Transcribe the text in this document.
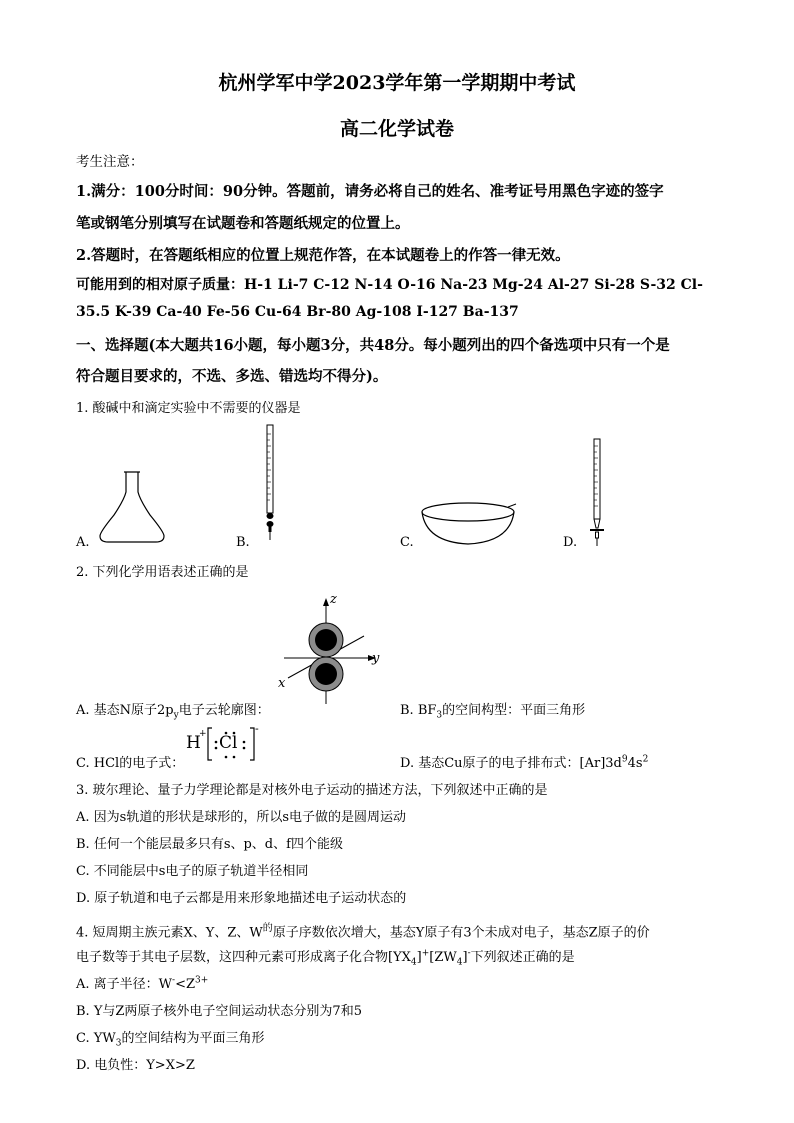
杭州学军中学2023学年第一学期期中考试
高二化学试卷
考生注意：
1.满分：100分时间：90分钟。答题前，请务必将自己的姓名、准考证号用黑色字迹的签字
笔或钢笔分别填写在试题卷和答题纸规定的位置上。
2.答题时，在答题纸相应的位置上规范作答，在本试题卷上的作答一律无效。
可能用到的相对原子质量：H-1 Li-7 C-12 N-14 O-16 Na-23 Mg-24 Al-27 Si-28 S-32 Cl-
35.5 K-39 Ca-40 Fe-56 Cu-64 Br-80 Ag-108 I-127 Ba-137
一、选择题(本大题共16小题，每小题3分，共48分。每小题列出的四个备选项中只有一个是
符合题目要求的，不选、多选、错选均不得分)。
1. 酸碱中和滴定实验中不需要的仪器是
A.	B.	C.	D.
2. 下列化学用语表述正确的是
z
y
x
A. 基态N原子$2p_y$电子云轮廓图：	B. $BF_3$的空间构型：平面三角形
C. HCl的电子式：
H
+ Cl
-
D. 基态Cu原子的电子排布式：$[Ar]3d^94s^2$
3. 玻尔理论、量子力学理论都是对核外电子运动的描述方法，下列叙述中正确的是
A. 因为s轨道的形状是球形的，所以s电子做的是圆周运动
B. 任何一个能层最多只有s、p、d、f四个能级
C. 不同能层中s电子的原子轨道半径相同
D. 原子轨道和电子云都是用来形象地描述电子运动状态的
4. 短周期主族元素X、Y、Z、$W^的$原子序数依次增大，基态Y原子有3个未成对电子，基态Z原子的价
电子数等于其电子层数，这四种元素可形成离子化合物$[YX_4]^+[ZW_4]^-$下列叙述正确的是
A. 离子半径：$W^-<Z^{3+}$
B. Y与Z两原子核外电子空间运动状态分别为7和5
C. $YW_3$的空间结构为平面三角形
D. 电负性：Y>X>Z
